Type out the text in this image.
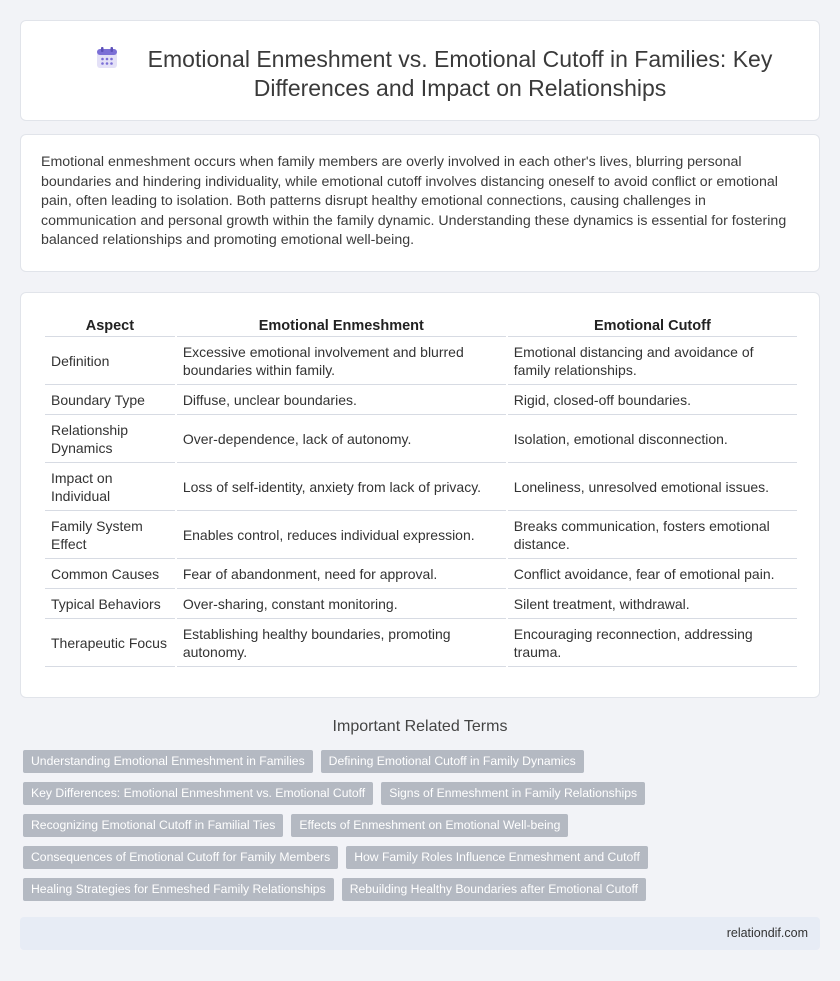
Emotional Enmeshment vs. Emotional Cutoff in Families: Key Differences and Impact on Relationships

Emotional enmeshment occurs when family members are overly involved in each other's lives, blurring personal boundaries and hindering individuality, while emotional cutoff involves distancing oneself to avoid conflict or emotional pain, often leading to isolation. Both patterns disrupt healthy emotional connections, causing challenges in communication and personal growth within the family dynamic. Understanding these dynamics is essential for fostering balanced relationships and promoting emotional well-being.

Aspect	Emotional Enmeshment	Emotional Cutoff
Definition	Excessive emotional involvement and blurred boundaries within family.	Emotional distancing and avoidance of family relationships.
Boundary Type	Diffuse, unclear boundaries.	Rigid, closed-off boundaries.
Relationship Dynamics	Over-dependence, lack of autonomy.	Isolation, emotional disconnection.
Impact on Individual	Loss of self-identity, anxiety from lack of privacy.	Loneliness, unresolved emotional issues.
Family System Effect	Enables control, reduces individual expression.	Breaks communication, fosters emotional distance.
Common Causes	Fear of abandonment, need for approval.	Conflict avoidance, fear of emotional pain.
Typical Behaviors	Over-sharing, constant monitoring.	Silent treatment, withdrawal.
Therapeutic Focus	Establishing healthy boundaries, promoting autonomy.	Encouraging reconnection, addressing trauma.
Important Related Terms
Understanding Emotional Enmeshment in Families	Defining Emotional Cutoff in Family Dynamics
Key Differences: Emotional Enmeshment vs. Emotional Cutoff	Signs of Enmeshment in Family Relationships
Recognizing Emotional Cutoff in Familial Ties	Effects of Enmeshment on Emotional Well-being
Consequences of Emotional Cutoff for Family Members	How Family Roles Influence Enmeshment and Cutoff
Healing Strategies for Enmeshed Family Relationships	Rebuilding Healthy Boundaries after Emotional Cutoff
relationdif.com
